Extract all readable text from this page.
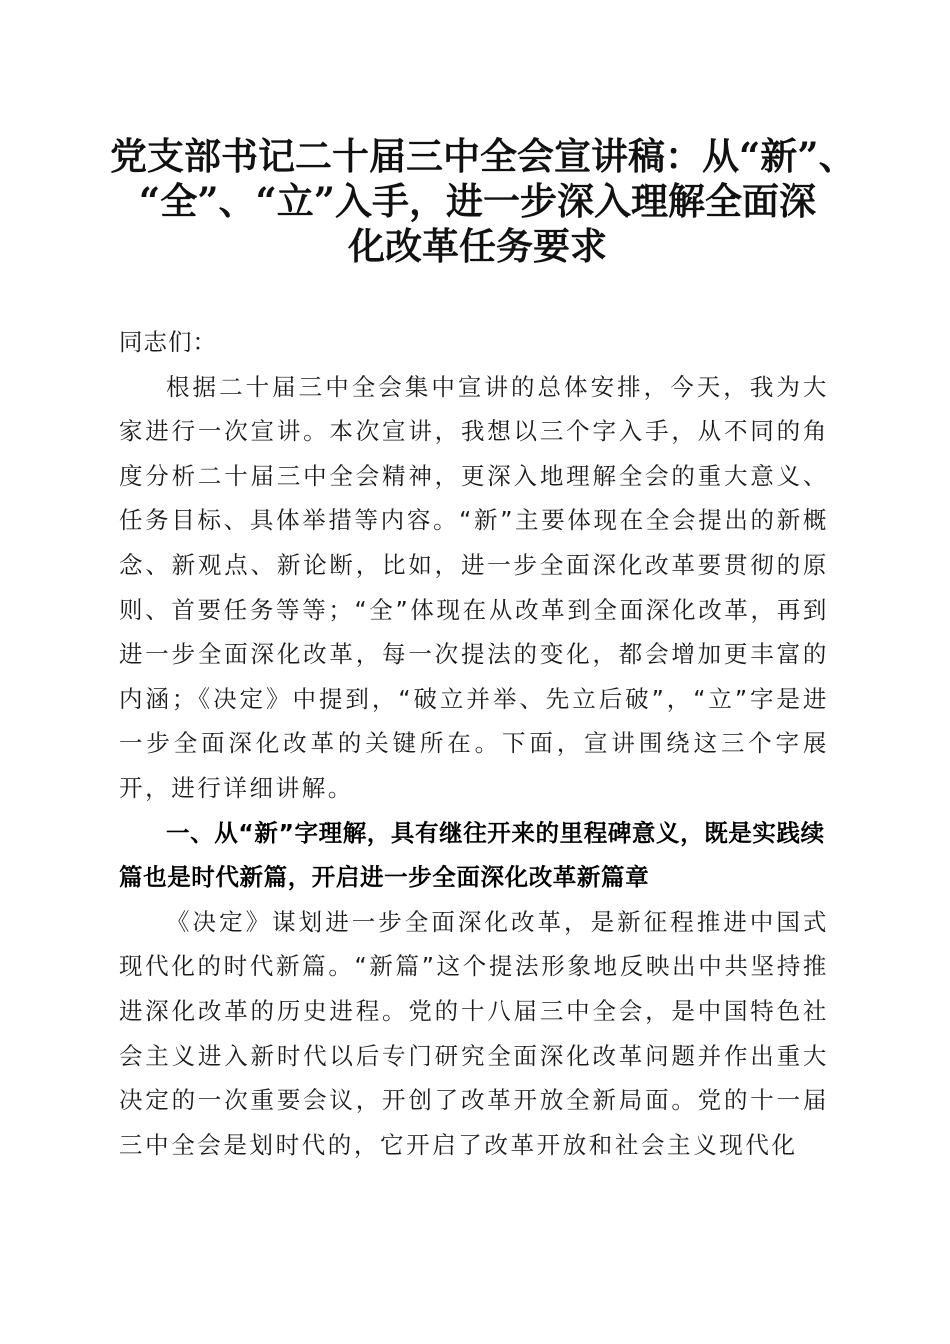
党支部书记二十届三中全会宣讲稿：从“新”、
“全”、“立”入手，进一步深入理解全面深
化改革任务要求

同志们：

根据二十届三中全会集中宣讲的总体安排，今天，我为大家进行一次宣讲。本次宣讲，我想以三个字入手，从不同的角度分析二十届三中全会精神，更深入地理解全会的重大意义、任务目标、具体举措等内容。“新”主要体现在全会提出的新概念、新观点、新论断，比如，进一步全面深化改革要贯彻的原则、首要任务等等；“全”体现在从改革到全面深化改革，再到进一步全面深化改革，每一次提法的变化，都会增加更丰富的内涵；《决定》中提到，“破立并举、先立后破”，“立”字是进一步全面深化改革的关键所在。下面，宣讲围绕这三个字展开，进行详细讲解。

一、从“新”字理解，具有继往开来的里程碑意义，既是实践续篇也是时代新篇，开启进一步全面深化改革新篇章

《决定》谋划进一步全面深化改革，是新征程推进中国式现代化的时代新篇。“新篇”这个提法形象地反映出中共坚持推进深化改革的历史进程。党的十八届三中全会，是中国特色社会主义进入新时代以后专门研究全面深化改革问题并作出重大决定的一次重要会议，开创了改革开放全新局面。党的十一届三中全会是划时代的，它开启了改革开放和社会主义现代化
